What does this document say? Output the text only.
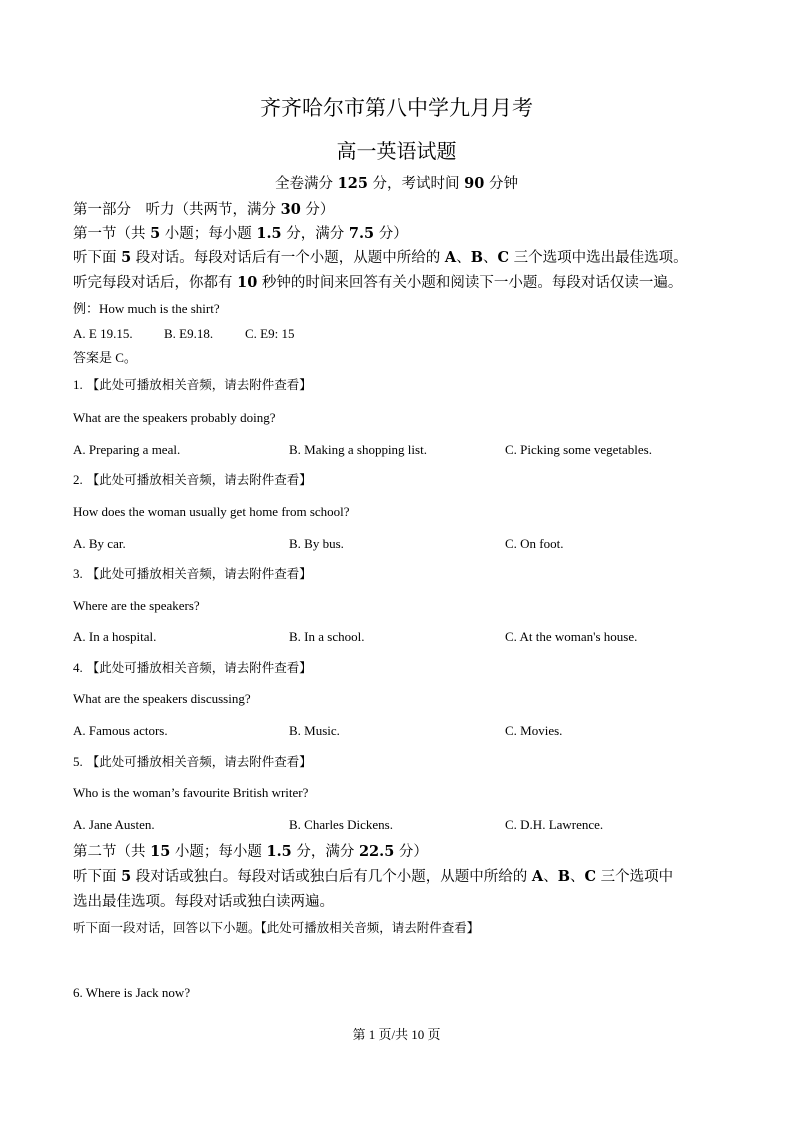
齐齐哈尔市第八中学九月月考
高一英语试题
全卷满分 125 分，考试时间 90 分钟
第一部分　听力（共两节，满分 30 分）
第一节（共 5 小题；每小题 1.5 分，满分 7.5 分）
听下面 5 段对话。每段对话后有一个小题，从题中所给的 A、B、C 三个选项中选出最佳选项。
听完每段对话后，你都有 10 秒钟的时间来回答有关小题和阅读下一小题。每段对话仅读一遍。
例：How much is the shirt?
A. E 19.15. B. E9.18. C. E9: 15
答案是 C。
1. 【此处可播放相关音频，请去附件查看】
What are the speakers probably doing?
A. Preparing a meal.	B. Making a shopping list.	C. Picking some vegetables.
2. 【此处可播放相关音频，请去附件查看】
How does the woman usually get home from school?
A. By car.	B. By bus.	C. On foot.
3. 【此处可播放相关音频，请去附件查看】
Where are the speakers?
A. In a hospital.	B. In a school.	C. At the woman's house.
4. 【此处可播放相关音频，请去附件查看】
What are the speakers discussing?
A. Famous actors.	B. Music.	C. Movies.
5. 【此处可播放相关音频，请去附件查看】
Who is the woman’s favourite British writer?
A. Jane Austen.	B. Charles Dickens.	C. D.H. Lawrence.
第二节（共 15 小题；每小题 1.5 分，满分 22.5 分）
听下面 5 段对话或独白。每段对话或独白后有几个小题，从题中所给的 A、B、C 三个选项中
选出最佳选项。每段对话或独白读两遍。
听下面一段对话，回答以下小题。【此处可播放相关音频，请去附件查看】
6. Where is Jack now?
第 1 页/共 10 页
